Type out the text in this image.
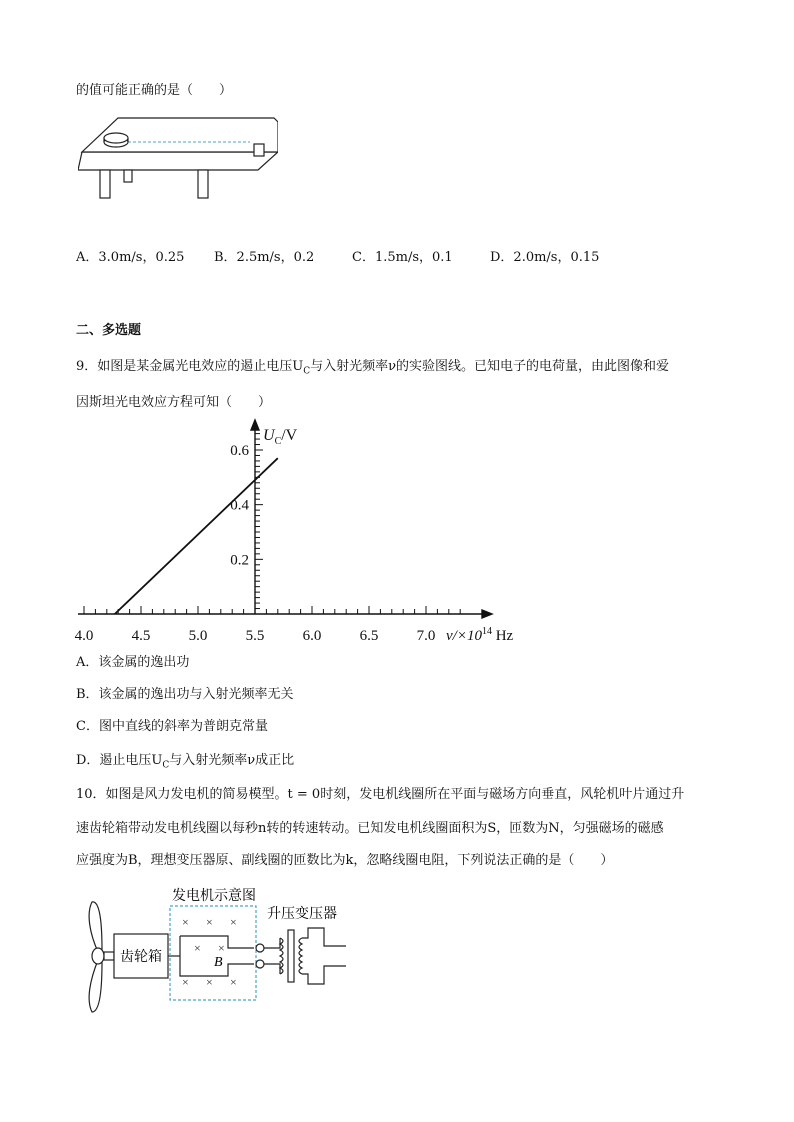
的值可能正确的是（　　）
A．3.0m/s，0.25 B．2.5m/s，0.2	C．1.5m/s，0.1	D．2.0m/s，0.15
二、多选题
9．如图是某金属光电效应的遏止电压$U_C$与入射光频率ν的实验图线。已知电子的电荷量，由此图像和爱
因斯坦光电效应方程可知（　　）
4.0	4.5	5.0	5.5	6.0	6.5	7.0
0.2
0.4
0.6
$U_C/V$
$\nu/\times 10^{14}$ Hz
A．该金属的逸出功
B．该金属的逸出功与入射光频率无关
C．图中直线的斜率为普朗克常量
D．遏止电压$U_C$与入射光频率ν成正比
10．如图是风力发电机的简易模型。t = 0时刻，发电机线圈所在平面与磁场方向垂直，风轮机叶片通过升
速齿轮箱带动发电机线圈以每秒n转的转速转动。已知发电机线圈面积为S，匝数为N，匀强磁场的磁感
应强度为B，理想变压器原、副线圈的匝数比为k，忽略线圈电阻，下列说法正确的是（　　）
齿轮箱
发电机示意图
× × ×
× ×
× × ×
B
升压变压器
